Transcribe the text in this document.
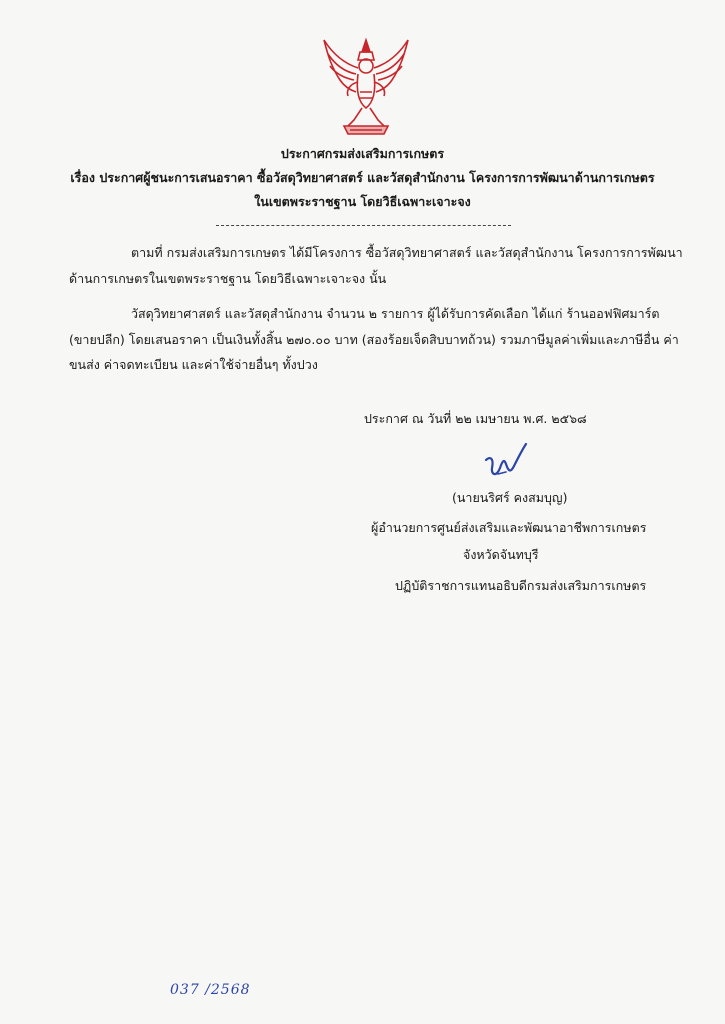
ประกาศกรมส่งเสริมการเกษตร
เรื่อง ประกาศผู้ชนะการเสนอราคา ซื้อวัสดุวิทยาศาสตร์ และวัสดุสำนักงาน โครงการการพัฒนาด้านการเกษตร
ในเขตพระราชฐาน โดยวิธีเฉพาะเจาะจง
ตามที่ กรมส่งเสริมการเกษตร ได้มีโครงการ ซื้อวัสดุวิทยาศาสตร์ และวัสดุสำนักงาน โครงการการพัฒนา
ด้านการเกษตรในเขตพระราชฐาน โดยวิธีเฉพาะเจาะจง นั้น
วัสดุวิทยาศาสตร์ และวัสดุสำนักงาน จำนวน ๒ รายการ ผู้ได้รับการคัดเลือก ได้แก่ ร้านออฟฟิศมาร์ต
(ขายปลีก) โดยเสนอราคา เป็นเงินทั้งสิ้น ๒๗๐.๐๐ บาท (สองร้อยเจ็ดสิบบาทถ้วน) รวมภาษีมูลค่าเพิ่มและภาษีอื่น ค่า
ขนส่ง ค่าจดทะเบียน และค่าใช้จ่ายอื่นๆ ทั้งปวง
ประกาศ ณ วันที่ ๒๒ เมษายน พ.ศ. ๒๕๖๘
(นายนริศร์ คงสมบุญ)
ผู้อำนวยการศูนย์ส่งเสริมและพัฒนาอาชีพการเกษตร
จังหวัดจันทบุรี
ปฏิบัติราชการแทนอธิบดีกรมส่งเสริมการเกษตร
037 /2568
